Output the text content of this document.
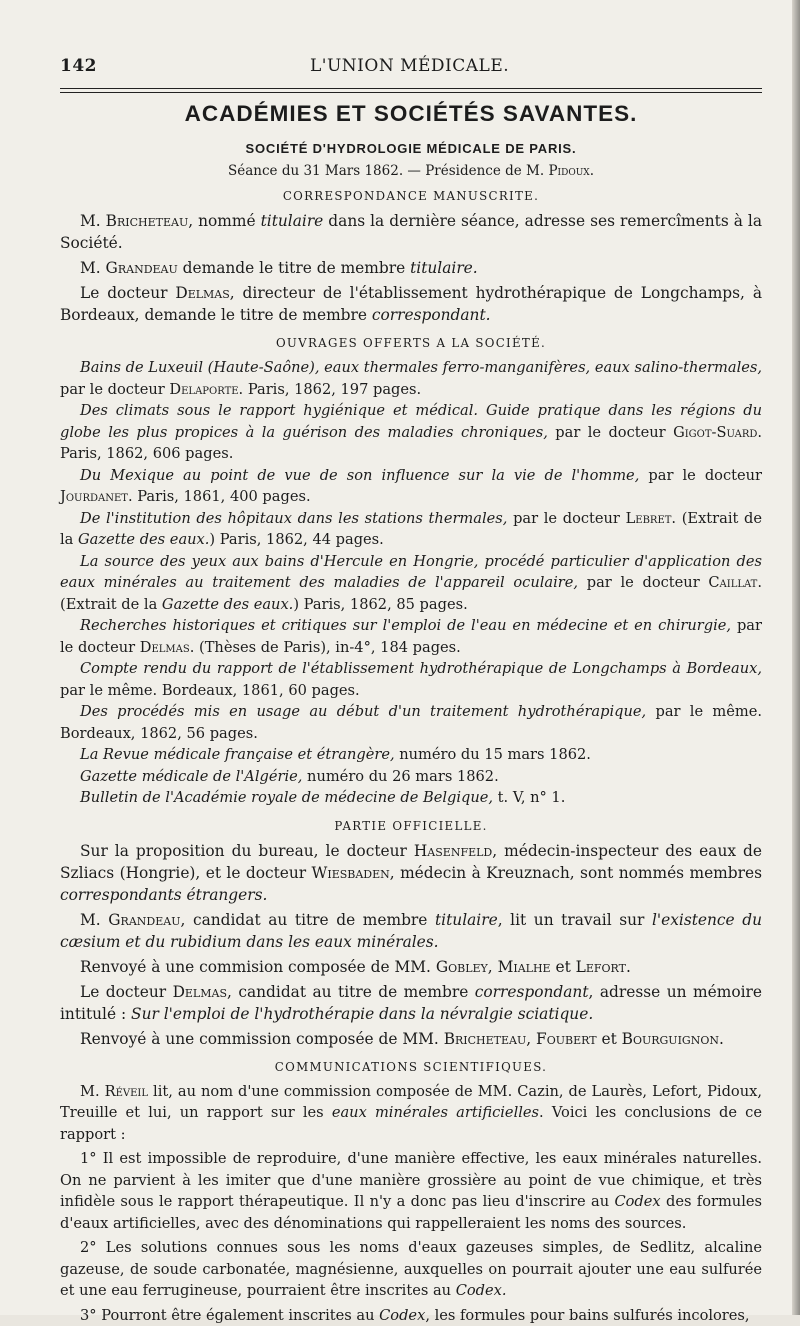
142	L'UNION MÉDICALE.
ACADÉMIES ET SOCIÉTÉS SAVANTES.
SOCIÉTÉ D'HYDROLOGIE MÉDICALE DE PARIS.
Séance du 31 Mars 1862. — Présidence de M. Pidoux.
CORRESPONDANCE MANUSCRITE.

M. Bricheteau, nommé titulaire dans la dernière séance, adresse ses remercîments à la Société.

M. Grandeau demande le titre de membre titulaire.

Le docteur Delmas, directeur de l'établissement hydrothérapique de Longchamps, à Bordeaux, demande le titre de membre correspondant.

OUVRAGES OFFERTS A LA SOCIÉTÉ.

Bains de Luxeuil (Haute-Saône), eaux thermales ferro-manganifères, eaux salino-thermales, par le docteur Delaporte. Paris, 1862, 197 pages.

Des climats sous le rapport hygiénique et médical. Guide pratique dans les régions du globe les plus propices à la guérison des maladies chroniques, par le docteur Gigot-Suard. Paris, 1862, 606 pages.

Du Mexique au point de vue de son influence sur la vie de l'homme, par le docteur Jourdanet. Paris, 1861, 400 pages.

De l'institution des hôpitaux dans les stations thermales, par le docteur Lebret. (Extrait de la Gazette des eaux.) Paris, 1862, 44 pages.

La source des yeux aux bains d'Hercule en Hongrie, procédé particulier d'application des eaux minérales au traitement des maladies de l'appareil oculaire, par le docteur Caillat. (Extrait de la Gazette des eaux.) Paris, 1862, 85 pages.

Recherches historiques et critiques sur l'emploi de l'eau en médecine et en chirurgie, par le docteur Delmas. (Thèses de Paris), in-4°, 184 pages.

Compte rendu du rapport de l'établissement hydrothérapique de Longchamps à Bordeaux, par le même. Bordeaux, 1861, 60 pages.

Des procédés mis en usage au début d'un traitement hydrothérapique, par le même. Bordeaux, 1862, 56 pages.

La Revue médicale française et étrangère, numéro du 15 mars 1862.

Gazette médicale de l'Algérie, numéro du 26 mars 1862.

Bulletin de l'Académie royale de médecine de Belgique, t. V, n° 1.

PARTIE OFFICIELLE.

Sur la proposition du bureau, le docteur Hasenfeld, médecin-inspecteur des eaux de Szliacs (Hongrie), et le docteur Wiesbaden, médecin à Kreuznach, sont nommés membres correspondants étrangers.

M. Grandeau, candidat au titre de membre titulaire, lit un travail sur l'existence du cæsium et du rubidium dans les eaux minérales.

Renvoyé à une commision composée de MM. Gobley, Mialhe et Lefort.

Le docteur Delmas, candidat au titre de membre correspondant, adresse un mémoire intitulé : Sur l'emploi de l'hydrothérapie dans la névralgie sciatique.

Renvoyé à une commission composée de MM. Bricheteau, Foubert et Bourguignon.

COMMUNICATIONS SCIENTIFIQUES.

M. Réveil lit, au nom d'une commission composée de MM. Cazin, de Laurès, Lefort, Pidoux, Treuille et lui, un rapport sur les eaux minérales artificielles. Voici les conclusions de ce rapport :

1° Il est impossible de reproduire, d'une manière effective, les eaux minérales naturelles. On ne parvient à les imiter que d'une manière grossière au point de vue chimique, et très infidèle sous le rapport thérapeutique. Il n'y a donc pas lieu d'inscrire au Codex des formules d'eaux artificielles, avec des dénominations qui rappelleraient les noms des sources.

2° Les solutions connues sous les noms d'eaux gazeuses simples, de Sedlitz, alcaline gazeuse, de soude carbonatée, magnésienne, auxquelles on pourrait ajouter une eau sulfurée et une eau ferrugineuse, pourraient être inscrites au Codex.

3° Pourront être également inscrites au Codex, les formules pour bains sulfurés incolores,
